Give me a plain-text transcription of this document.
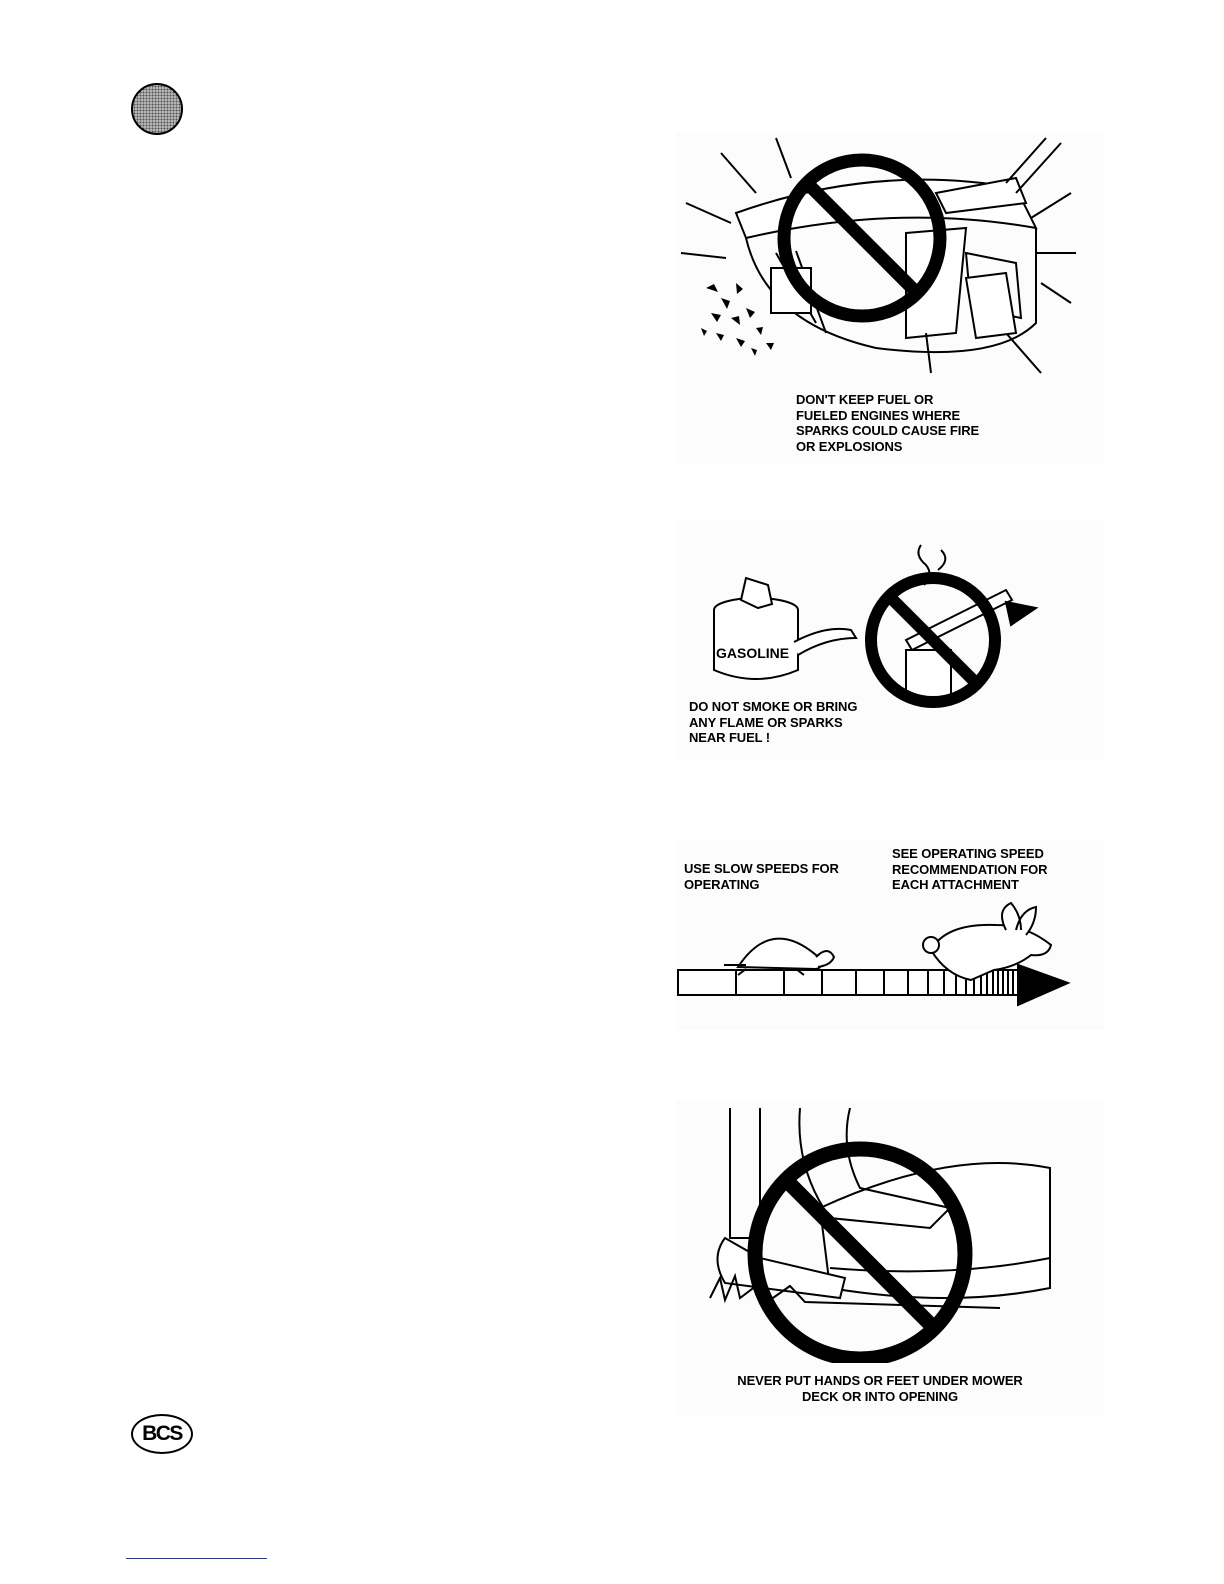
DON'T KEEP FUEL OR
FUELED ENGINES WHERE
SPARKS COULD CAUSE FIRE
OR EXPLOSIONS
GASOLINE
DO NOT SMOKE OR BRING
ANY FLAME OR SPARKS
NEAR FUEL !
USE SLOW SPEEDS FOR
OPERATING
SEE OPERATING SPEED
RECOMMENDATION FOR
EACH ATTACHMENT
NEVER PUT HANDS OR FEET UNDER MOWER
DECK OR INTO OPENING
BCS
